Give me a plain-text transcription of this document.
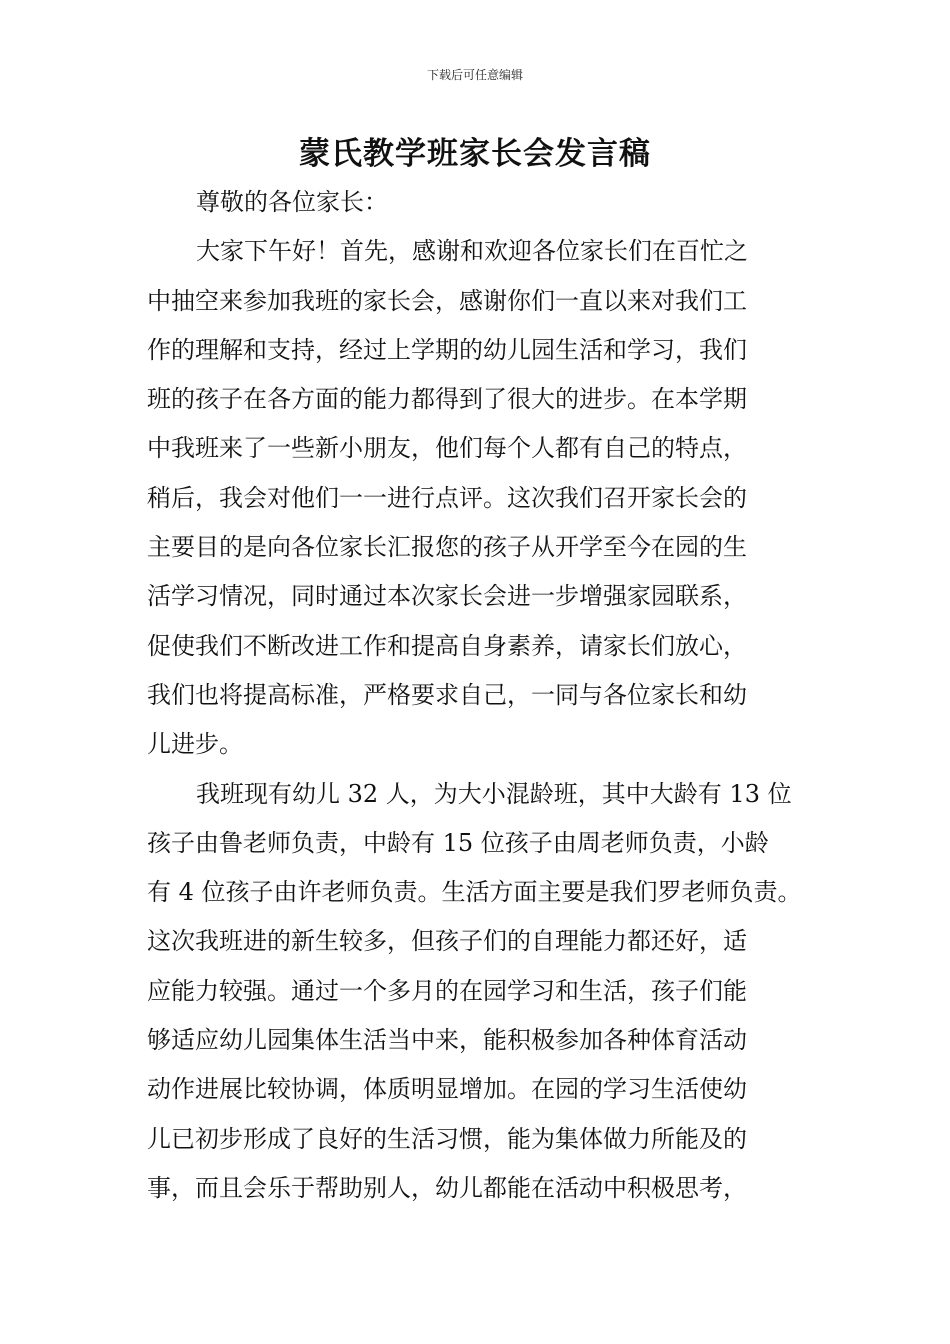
下载后可任意编辑
蒙氏教学班家长会发言稿
尊敬的各位家长：
大家下午好！首先，感谢和欢迎各位家长们在百忙之
中抽空来参加我班的家长会，感谢你们一直以来对我们工
作的理解和支持，经过上学期的幼儿园生活和学习，我们
班的孩子在各方面的能力都得到了很大的进步。在本学期
中我班来了一些新小朋友，他们每个人都有自己的特点，
稍后，我会对他们一一进行点评。这次我们召开家长会的
主要目的是向各位家长汇报您的孩子从开学至今在园的生
活学习情况，同时通过本次家长会进一步增强家园联系，
促使我们不断改进工作和提高自身素养，请家长们放心，
我们也将提高标准，严格要求自己，一同与各位家长和幼
儿进步。
我班现有幼儿 32 人，为大小混龄班，其中大龄有 13 位
孩子由鲁老师负责，中龄有 15 位孩子由周老师负责，小龄
有 4 位孩子由许老师负责。生活方面主要是我们罗老师负责。
这次我班进的新生较多，但孩子们的自理能力都还好，适
应能力较强。通过一个多月的在园学习和生活，孩子们能
够适应幼儿园集体生活当中来，能积极参加各种体育活动
动作进展比较协调，体质明显增加。在园的学习生活使幼
儿已初步形成了良好的生活习惯，能为集体做力所能及的
事，而且会乐于帮助别人，幼儿都能在活动中积极思考，
